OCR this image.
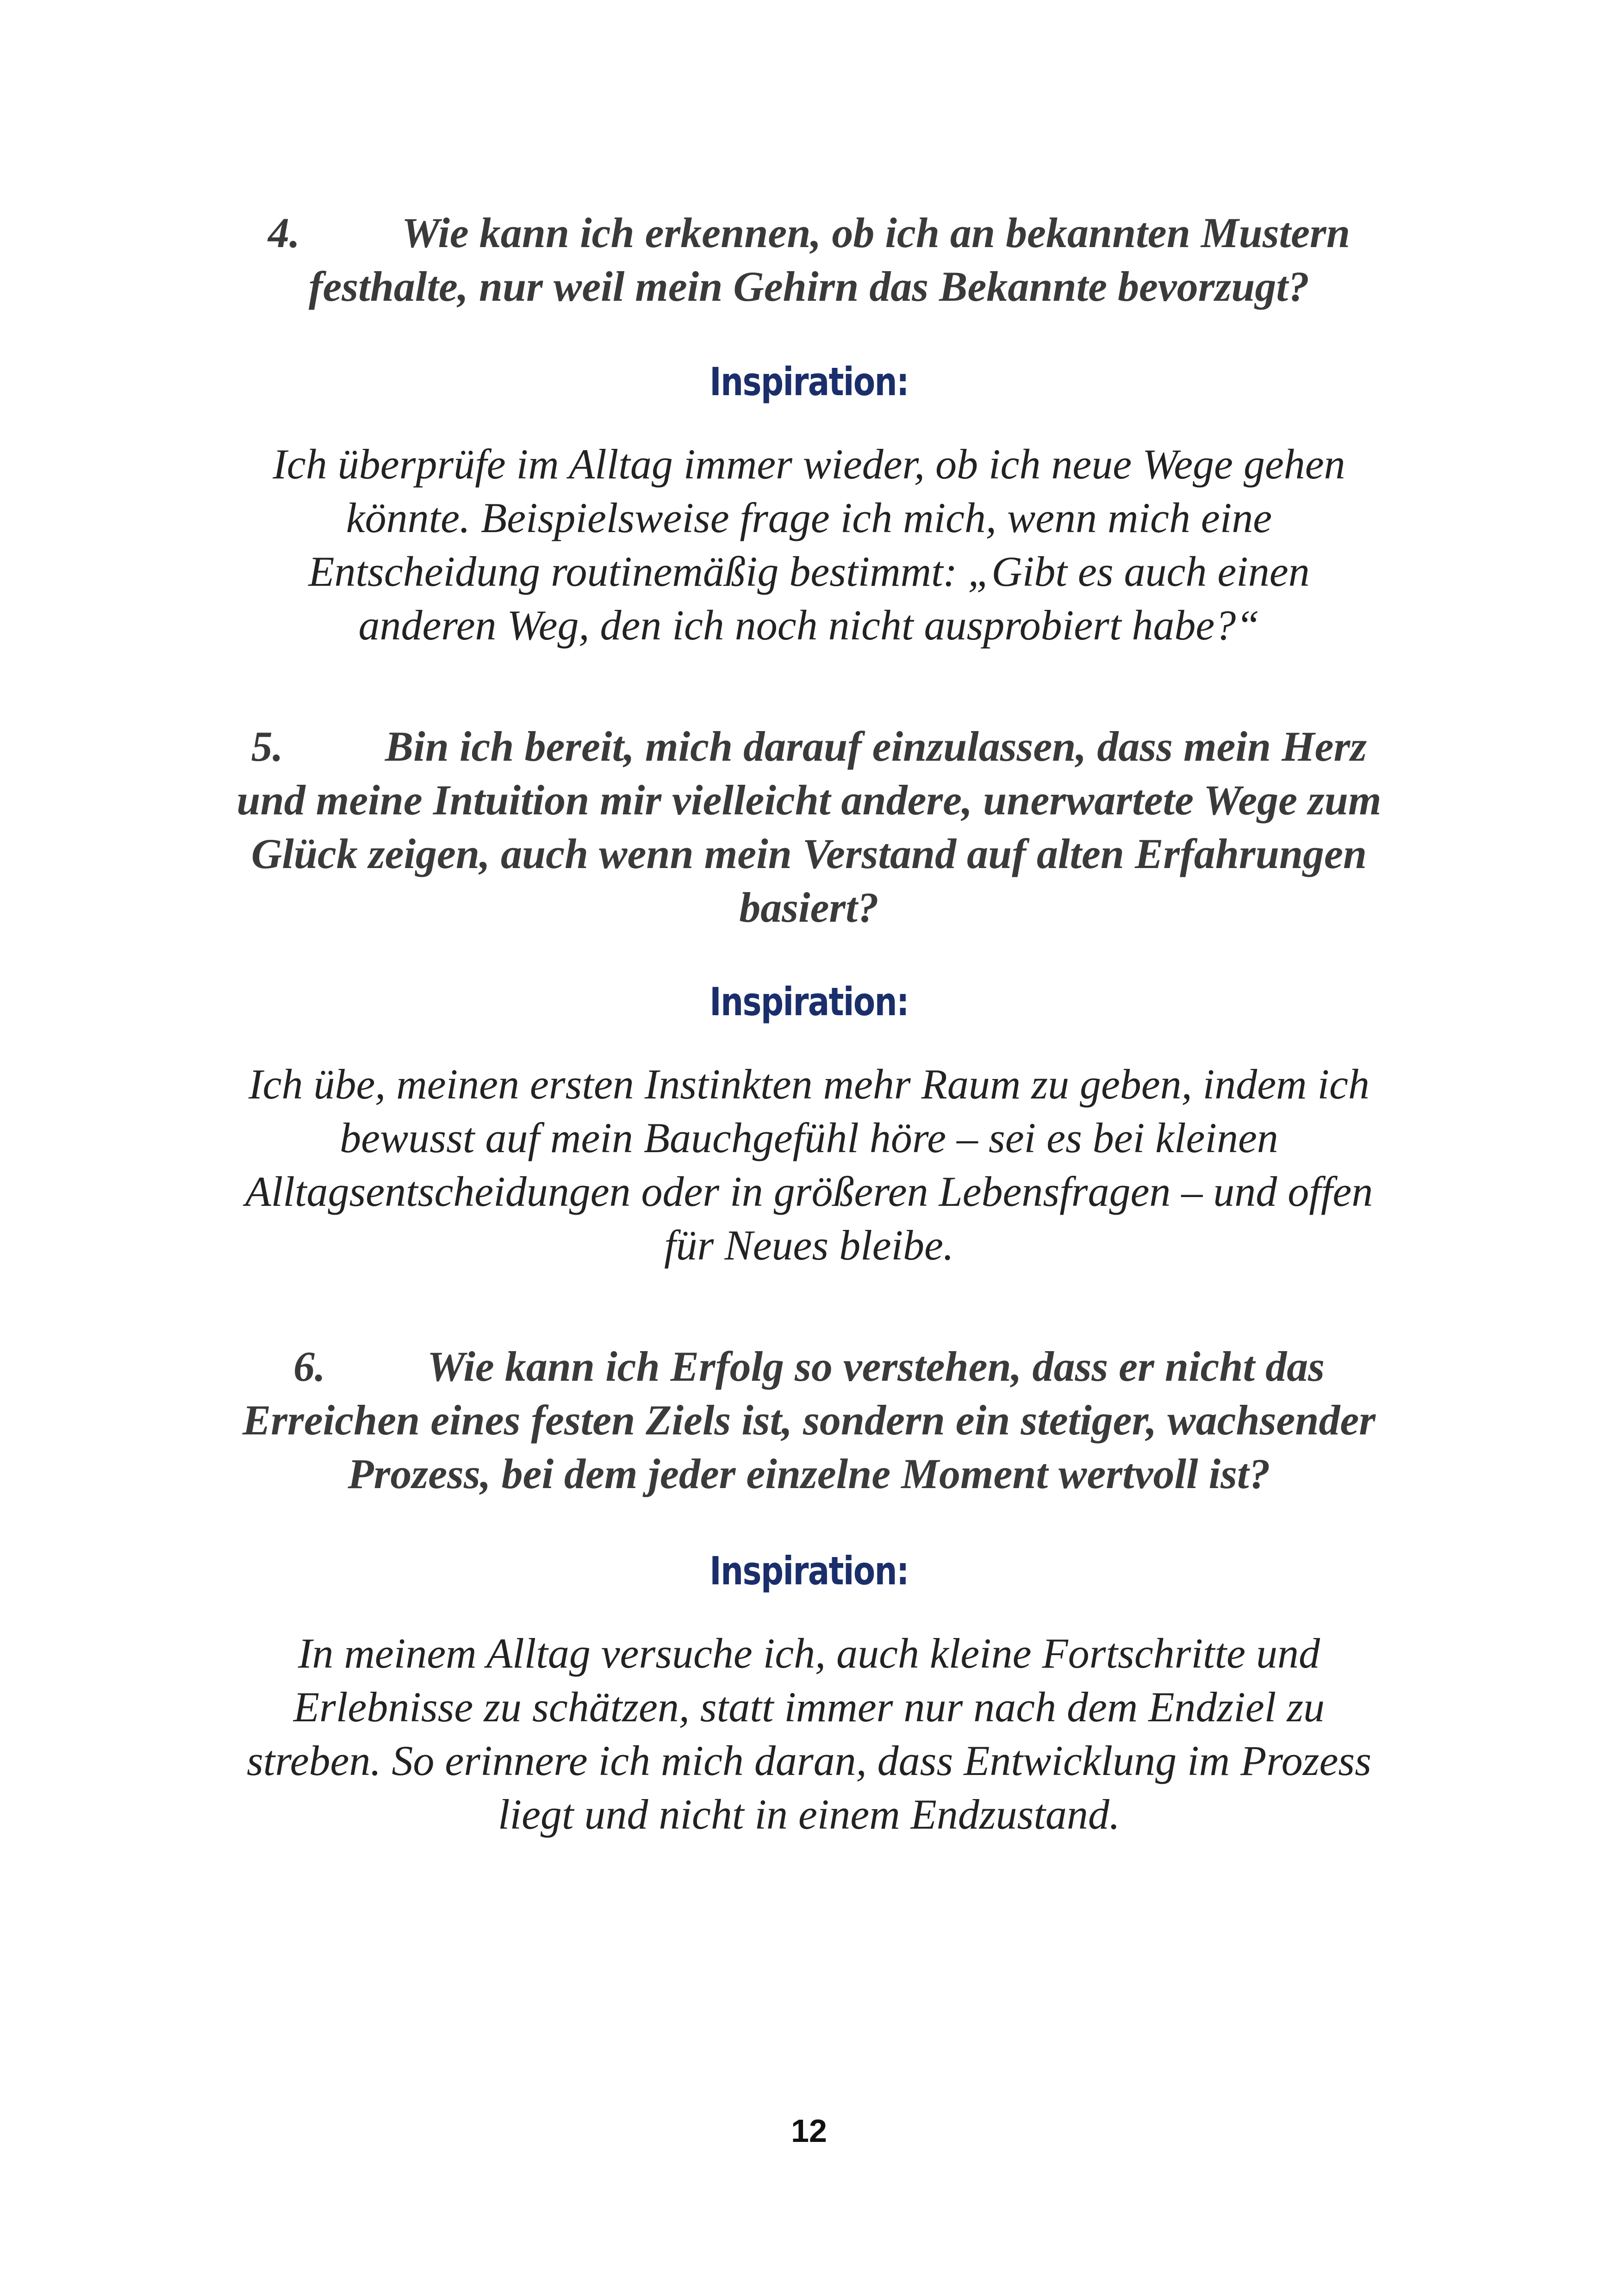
4. Wie kann ich erkennen, ob ich an bekannten Mustern
festhalte, nur weil mein Gehirn das Bekannte bevorzugt?
Inspiration:
Ich überprüfe im Alltag immer wieder, ob ich neue Wege gehen
könnte. Beispielsweise frage ich mich, wenn mich eine
Entscheidung routinemäßig bestimmt: „Gibt es auch einen
anderen Weg, den ich noch nicht ausprobiert habe?“
5. Bin ich bereit, mich darauf einzulassen, dass mein Herz
und meine Intuition mir vielleicht andere, unerwartete Wege zum
Glück zeigen, auch wenn mein Verstand auf alten Erfahrungen
basiert?
Inspiration:
Ich übe, meinen ersten Instinkten mehr Raum zu geben, indem ich
bewusst auf mein Bauchgefühl höre – sei es bei kleinen
Alltagsentscheidungen oder in größeren Lebensfragen – und offen
für Neues bleibe.
6. Wie kann ich Erfolg so verstehen, dass er nicht das
Erreichen eines festen Ziels ist, sondern ein stetiger, wachsender
Prozess, bei dem jeder einzelne Moment wertvoll ist?
Inspiration:
In meinem Alltag versuche ich, auch kleine Fortschritte und
Erlebnisse zu schätzen, statt immer nur nach dem Endziel zu
streben. So erinnere ich mich daran, dass Entwicklung im Prozess
liegt und nicht in einem Endzustand.
12
